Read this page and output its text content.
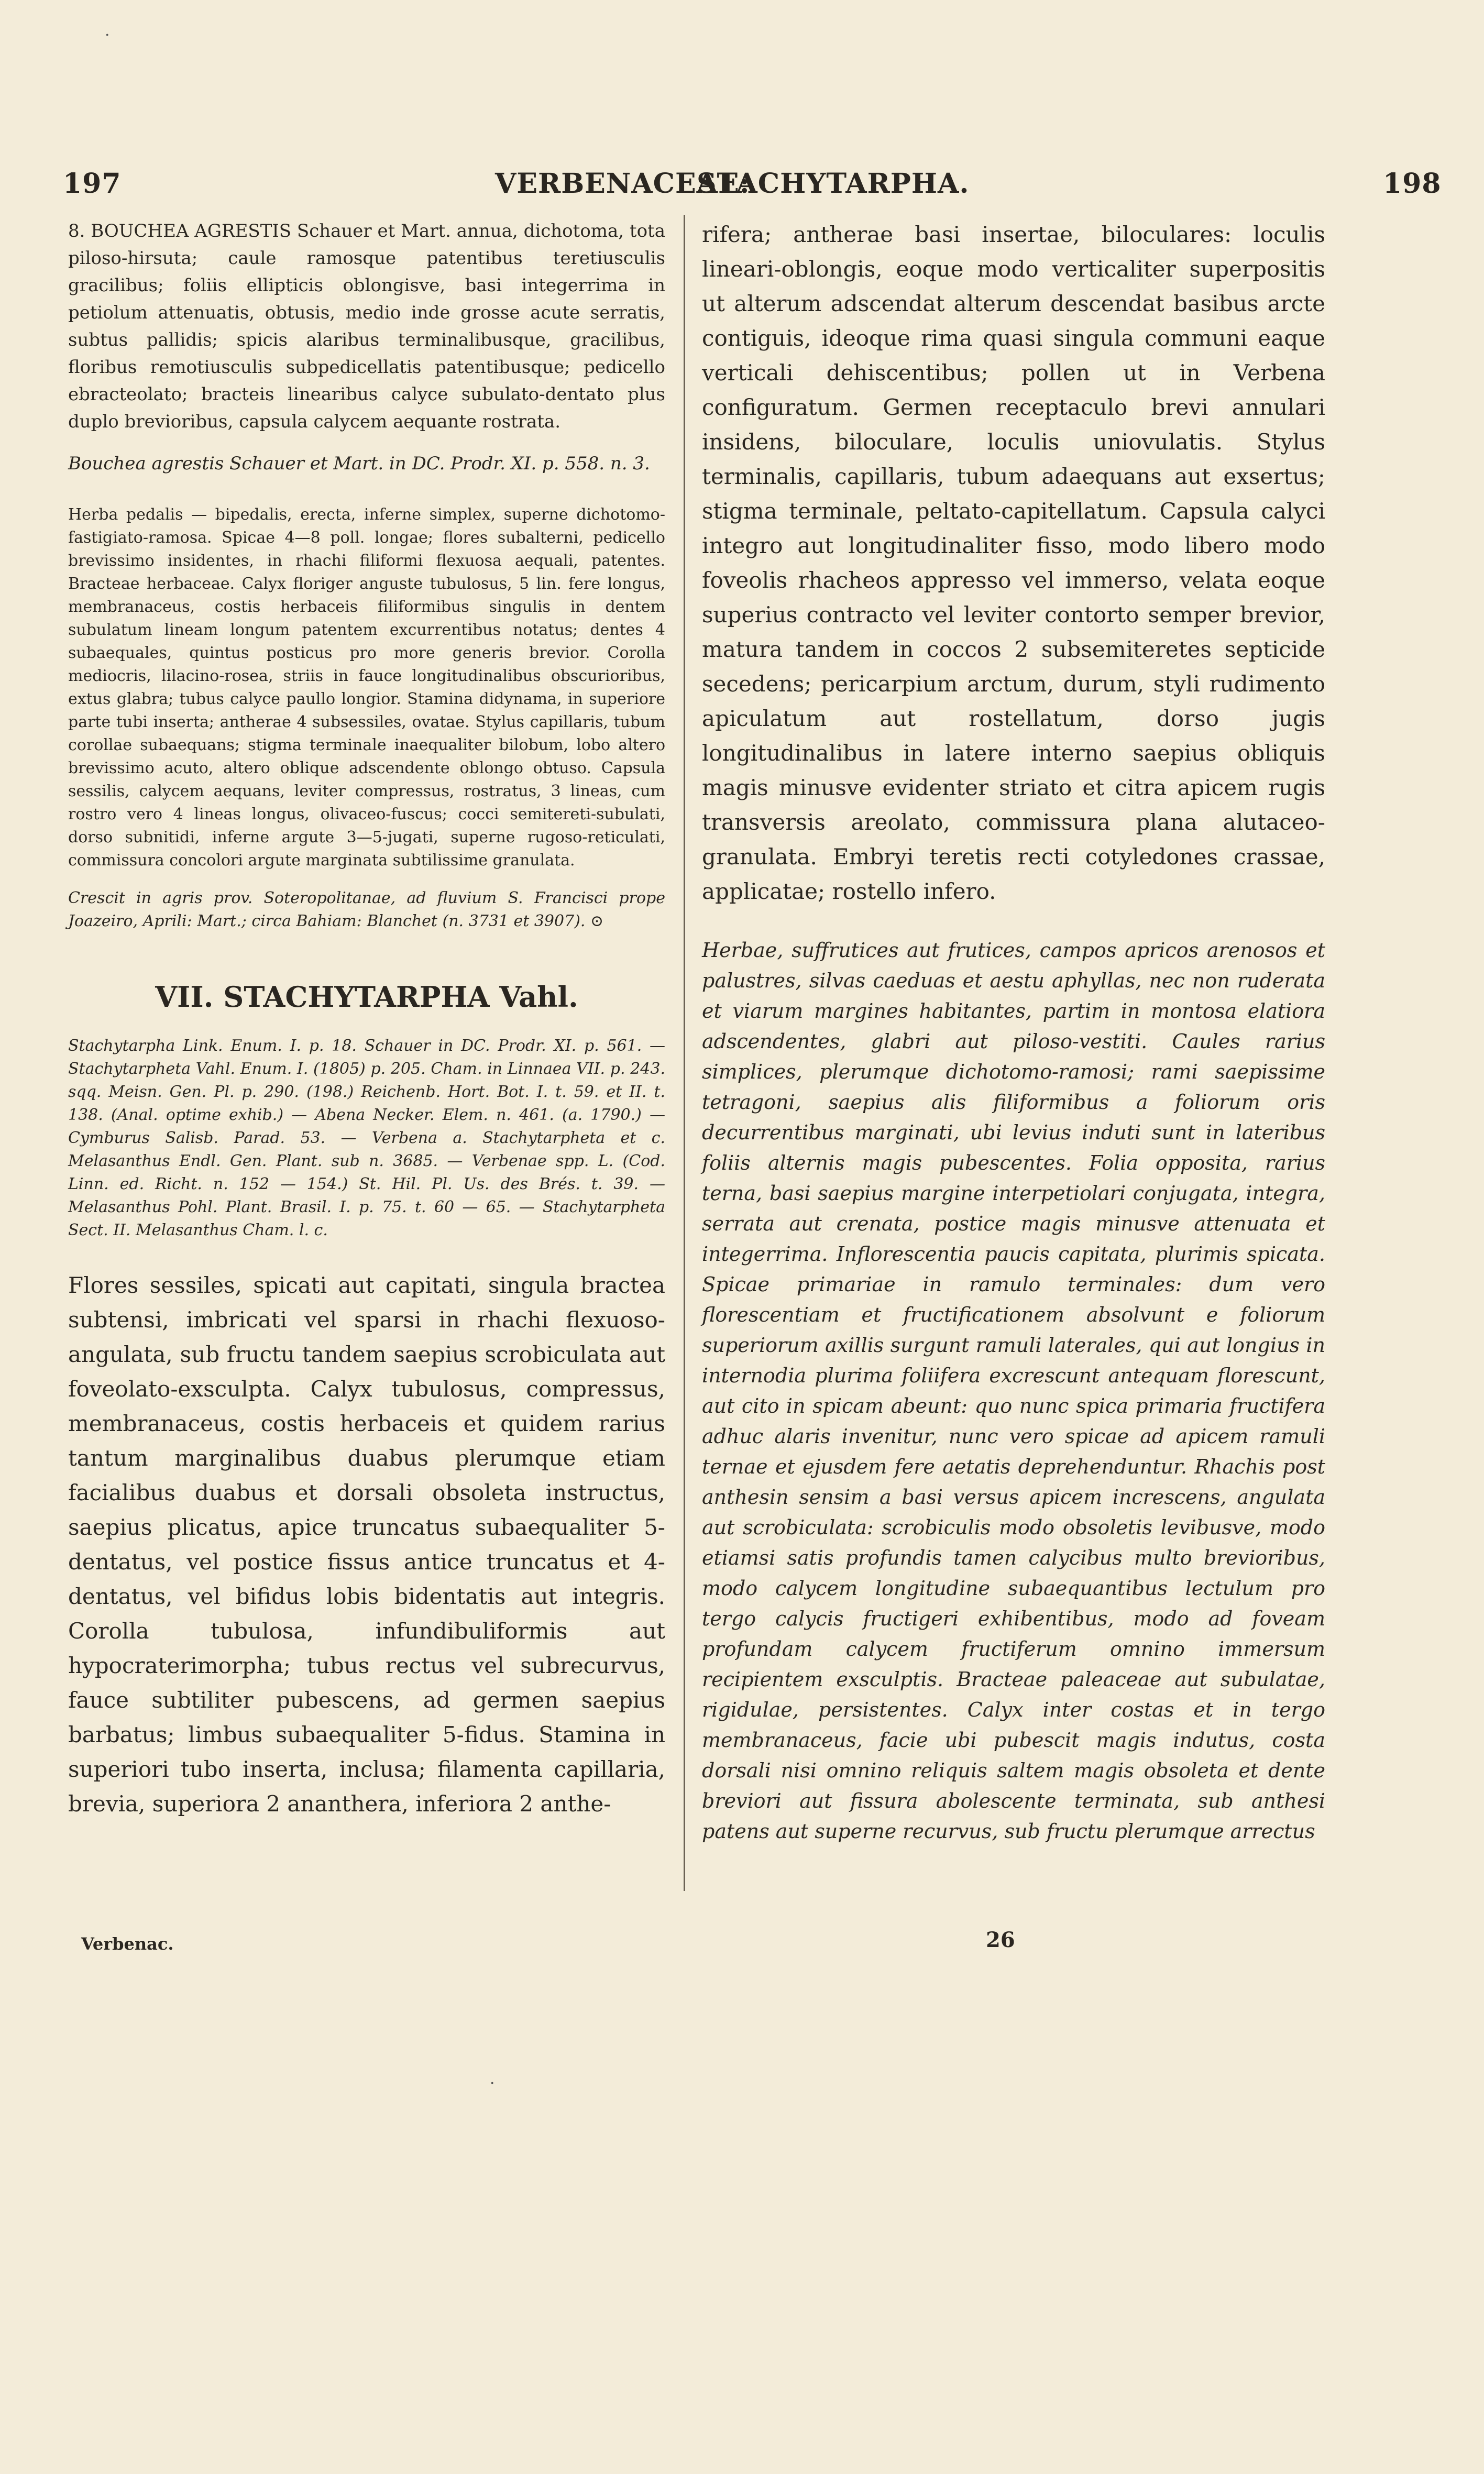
197	VERBENACEAE:
STACHYTARPHA.	198

8. BOUCHEA AGRESTIS Schauer et Mart. annua, dichotoma, tota piloso-hirsuta; caule ramosque patentibus teretiusculis gracilibus; foliis ellipticis oblongisve, basi integerrima in petiolum attenuatis, obtusis, medio inde grosse acute serratis, subtus pallidis; spicis alaribus terminalibusque, gracilibus, floribus remotiusculis subpedicellatis patentibusque; pedicello ebracteolato; bracteis linearibus calyce subulato-dentato plus duplo brevioribus, capsula calycem aequante rostrata.

Bouchea agrestis Schauer et Mart. in DC. Prodr. XI. p. 558. n. 3.

Herba pedalis — bipedalis, erecta, inferne simplex, superne dichotomo-fastigiato-ramosa. Spicae 4—8 poll. longae; flores subalterni, pedicello brevissimo insidentes, in rhachi filiformi flexuosa aequali, patentes. Bracteae herbaceae. Calyx floriger anguste tubulosus, 5 lin. fere longus, membranaceus, costis herbaceis filiformibus singulis in dentem subulatum lineam longum patentem excurrentibus notatus; dentes 4 subaequales, quintus posticus pro more generis brevior. Corolla mediocris, lilacino-rosea, striis in fauce longitudinalibus obscurioribus, extus glabra; tubus calyce paullo longior. Stamina didynama, in superiore parte tubi inserta; antherae 4 subsessiles, ovatae. Stylus capillaris, tubum corollae subaequans; stigma terminale inaequaliter bilobum, lobo altero brevissimo acuto, altero oblique adscendente oblongo obtuso. Capsula sessilis, calycem aequans, leviter compressus, rostratus, 3 lineas, cum rostro vero 4 lineas longus, olivaceo-fuscus; cocci semitereti-subulati, dorso subnitidi, inferne argute 3—5-jugati, superne rugoso-reticulati, commissura concolori argute marginata subtilissime granulata.

Crescit in agris prov. Soteropolitanae, ad fluvium S. Francisci prope Joazeiro, Aprili: Mart.; circa Bahiam: Blanchet (n. 3731 et 3907). ⊙

VII. STACHYTARPHA Vahl.

Stachytarpha Link. Enum. I. p. 18. Schauer in DC. Prodr. XI. p. 561. — Stachytarpheta Vahl. Enum. I. (1805) p. 205. Cham. in Linnaea VII. p. 243. sqq. Meisn. Gen. Pl. p. 290. (198.) Reichenb. Hort. Bot. I. t. 59. et II. t. 138. (Anal. optime exhib.) — Abena Necker. Elem. n. 461. (a. 1790.) — Cymburus Salisb. Parad. 53. — Verbena a. Stachytarpheta et c. Melasanthus Endl. Gen. Plant. sub n. 3685. — Verbenae spp. L. (Cod. Linn. ed. Richt. n. 152 — 154.) St. Hil. Pl. Us. des Brés. t. 39. — Melasanthus Pohl. Plant. Brasil. I. p. 75. t. 60 — 65. — Stachytarpheta Sect. II. Melasanthus Cham. l. c.

Flores sessiles, spicati aut capitati, singula bractea subtensi, imbricati vel sparsi in rhachi flexuoso-angulata, sub fructu tandem saepius scrobiculata aut foveolato-exsculpta. Calyx tubulosus, compressus, membranaceus, costis herbaceis et quidem rarius tantum marginalibus duabus plerumque etiam facialibus duabus et dorsali obsoleta instructus, saepius plicatus, apice truncatus subaequaliter 5-dentatus, vel postice fissus antice truncatus et 4-dentatus, vel bifidus lobis bidentatis aut integris. Corolla tubulosa, infundibuliformis aut hypocraterimorpha; tubus rectus vel subrecurvus, fauce subtiliter pubescens, ad germen saepius barbatus; limbus subaequaliter 5-fidus. Stamina in superiori tubo inserta, inclusa; filamenta capillaria, brevia, superiora 2 ananthera, inferiora 2 anthe-

rifera; antherae basi insertae, biloculares: loculis lineari-oblongis, eoque modo verticaliter superpositis ut alterum adscendat alterum descendat basibus arcte contiguis, ideoque rima quasi singula communi eaque verticali dehiscentibus; pollen ut in Verbena configuratum. Germen receptaculo brevi annulari insidens, biloculare, loculis uniovulatis. Stylus terminalis, capillaris, tubum adaequans aut exsertus; stigma terminale, peltato-capitellatum. Capsula calyci integro aut longitudinaliter fisso, modo libero modo foveolis rhacheos appresso vel immerso, velata eoque superius contracto vel leviter contorto semper brevior, matura tandem in coccos 2 subsemiteretes septicide secedens; pericarpium arctum, durum, styli rudimento apiculatum aut rostellatum, dorso jugis longitudinalibus in latere interno saepius obliquis magis minusve evidenter striato et citra apicem rugis transversis areolato, commissura plana alutaceo-granulata. Embryi teretis recti cotyledones crassae, applicatae; rostello infero.

Herbae, suffrutices aut frutices, campos apricos arenosos et palustres, silvas caeduas et aestu aphyllas, nec non ruderata et viarum margines habitantes, partim in montosa elatiora adscendentes, glabri aut piloso-vestiti. Caules rarius simplices, plerumque dichotomo-ramosi; rami saepissime tetragoni, saepius alis filiformibus a foliorum oris decurrentibus marginati, ubi levius induti sunt in lateribus foliis alternis magis pubescentes. Folia opposita, rarius terna, basi saepius margine interpetiolari conjugata, integra, serrata aut crenata, postice magis minusve attenuata et integerrima. Inflorescentia paucis capitata, plurimis spicata. Spicae primariae in ramulo terminales: dum vero florescentiam et fructificationem absolvunt e foliorum superiorum axillis surgunt ramuli laterales, qui aut longius in internodia plurima foliifera excrescunt antequam florescunt, aut cito in spicam abeunt: quo nunc spica primaria fructifera adhuc alaris invenitur, nunc vero spicae ad apicem ramuli ternae et ejusdem fere aetatis deprehenduntur. Rhachis post anthesin sensim a basi versus apicem increscens, angulata aut scrobiculata: scrobiculis modo obsoletis levibusve, modo etiamsi satis profundis tamen calycibus multo brevioribus, modo calycem longitudine subaequantibus lectulum pro tergo calycis fructigeri exhibentibus, modo ad foveam profundam calycem fructiferum omnino immersum recipientem exsculptis. Bracteae paleaceae aut subulatae, rigidulae, persistentes. Calyx inter costas et in tergo membranaceus, facie ubi pubescit magis indutus, costa dorsali nisi omnino reliquis saltem magis obsoleta et dente breviori aut fissura abolescente terminata, sub anthesi patens aut superne recurvus, sub fructu plerumque arrectus

Verbenac.	26
·
·
